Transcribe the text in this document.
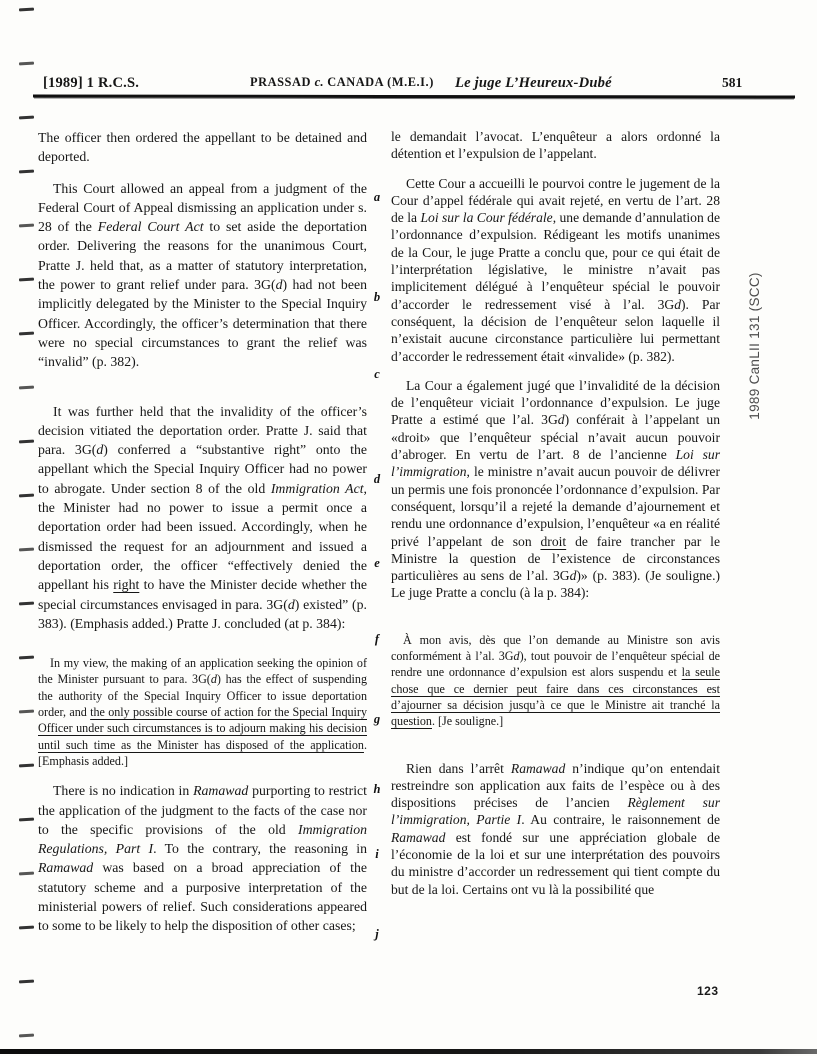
[1989] 1 R.C.S.	PRASSAD c. CANADA (M.E.I.) Le juge L’Heureux-Dubé	581

The officer then ordered the appellant to be detained and deported.

This Court allowed an appeal from a judgment of the Federal Court of Appeal dismissing an application under s. 28 of the Federal Court Act to set aside the deportation order. Delivering the reasons for the unanimous Court, Pratte J. held that, as a matter of statutory interpretation, the power to grant relief under para. 3G(d) had not been implicitly delegated by the Minister to the Special Inquiry Officer. Accordingly, the officer’s determination that there were no special circumstances to grant the relief was “invalid” (p. 382).

It was further held that the invalidity of the officer’s decision vitiated the deportation order. Pratte J. said that para. 3G(d) conferred a “substantive right” onto the appellant which the Special Inquiry Officer had no power to abrogate. Under section 8 of the old Immigration Act, the Minister had no power to issue a permit once a deportation order had been issued. Accordingly, when he dismissed the request for an adjournment and issued a deportation order, the officer “effectively denied the appellant his right to have the Minister decide whether the special circumstances envisaged in para. 3G(d) existed” (p. 383). (Emphasis added.) Pratte J. concluded (at p. 384):

In my view, the making of an application seeking the opinion of the Minister pursuant to para. 3G(d) has the effect of suspending the authority of the Special Inquiry Officer to issue deportation order, and the only possible course of action for the Special Inquiry Officer under such circumstances is to adjourn making his decision until such time as the Minister has disposed of the application. [Emphasis added.]

There is no indication in Ramawad purporting to restrict the application of the judgment to the facts of the case nor to the specific provisions of the old Immigration Regulations, Part I. To the contrary, the reasoning in Ramawad was based on a broad appreciation of the statutory scheme and a purposive interpretation of the ministerial powers of relief. Such considerations appeared to some to be likely to help the disposition of other cases;

le demandait l’avocat. L’enquêteur a alors ordonné la détention et l’expulsion de l’appelant.

Cette Cour a accueilli le pourvoi contre le jugement de la Cour d’appel fédérale qui avait rejeté, en vertu de l’art. 28 de la Loi sur la Cour fédérale, une demande d’annulation de l’ordonnance d’expulsion. Rédigeant les motifs unanimes de la Cour, le juge Pratte a conclu que, pour ce qui était de l’interprétation législative, le ministre n’avait pas implicitement délégué à l’enquêteur spécial le pouvoir d’accorder le redressement visé à l’al. 3Gd). Par conséquent, la décision de l’enquêteur selon laquelle il n’existait aucune circonstance particulière lui permettant d’accorder le redressement était «invalide» (p. 382).

La Cour a également jugé que l’invalidité de la décision de l’enquêteur viciait l’ordonnance d’expulsion. Le juge Pratte a estimé que l’al. 3Gd) conférait à l’appelant un «droit» que l’enquêteur spécial n’avait aucun pouvoir d’abroger. En vertu de l’art. 8 de l’ancienne Loi sur l’immigration, le ministre n’avait aucun pouvoir de délivrer un permis une fois prononcée l’ordonnance d’expulsion. Par conséquent, lorsqu’il a rejeté la demande d’ajournement et rendu une ordonnance d’expulsion, l’enquêteur «a en réalité privé l’appelant de son droit de faire trancher par le Ministre la question de l’existence de circonstances particulières au sens de l’al. 3Gd)» (p. 383). (Je souligne.) Le juge Pratte a conclu (à la p. 384):

À mon avis, dès que l’on demande au Ministre son avis conformément à l’al. 3Gd), tout pouvoir de l’enquêteur spécial de rendre une ordonnance d’expulsion est alors suspendu et la seule chose que ce dernier peut faire dans ces circonstances est d’ajourner sa décision jusqu’à ce que le Ministre ait tranché la question. [Je souligne.]

Rien dans l’arrêt Ramawad n’indique qu’on entendait restreindre son application aux faits de l’espèce ou à des dispositions précises de l’ancien Règlement sur l’immigration, Partie I. Au contraire, le raisonnement de Ramawad est fondé sur une appréciation globale de l’économie de la loi et sur une interprétation des pouvoirs du ministre d’accorder un redressement qui tient compte du but de la loi. Certains ont vu là la possibilité que

a
b
c
d
e
f
g
h
i
j
1989 CanLII 131 (SCC)
123
